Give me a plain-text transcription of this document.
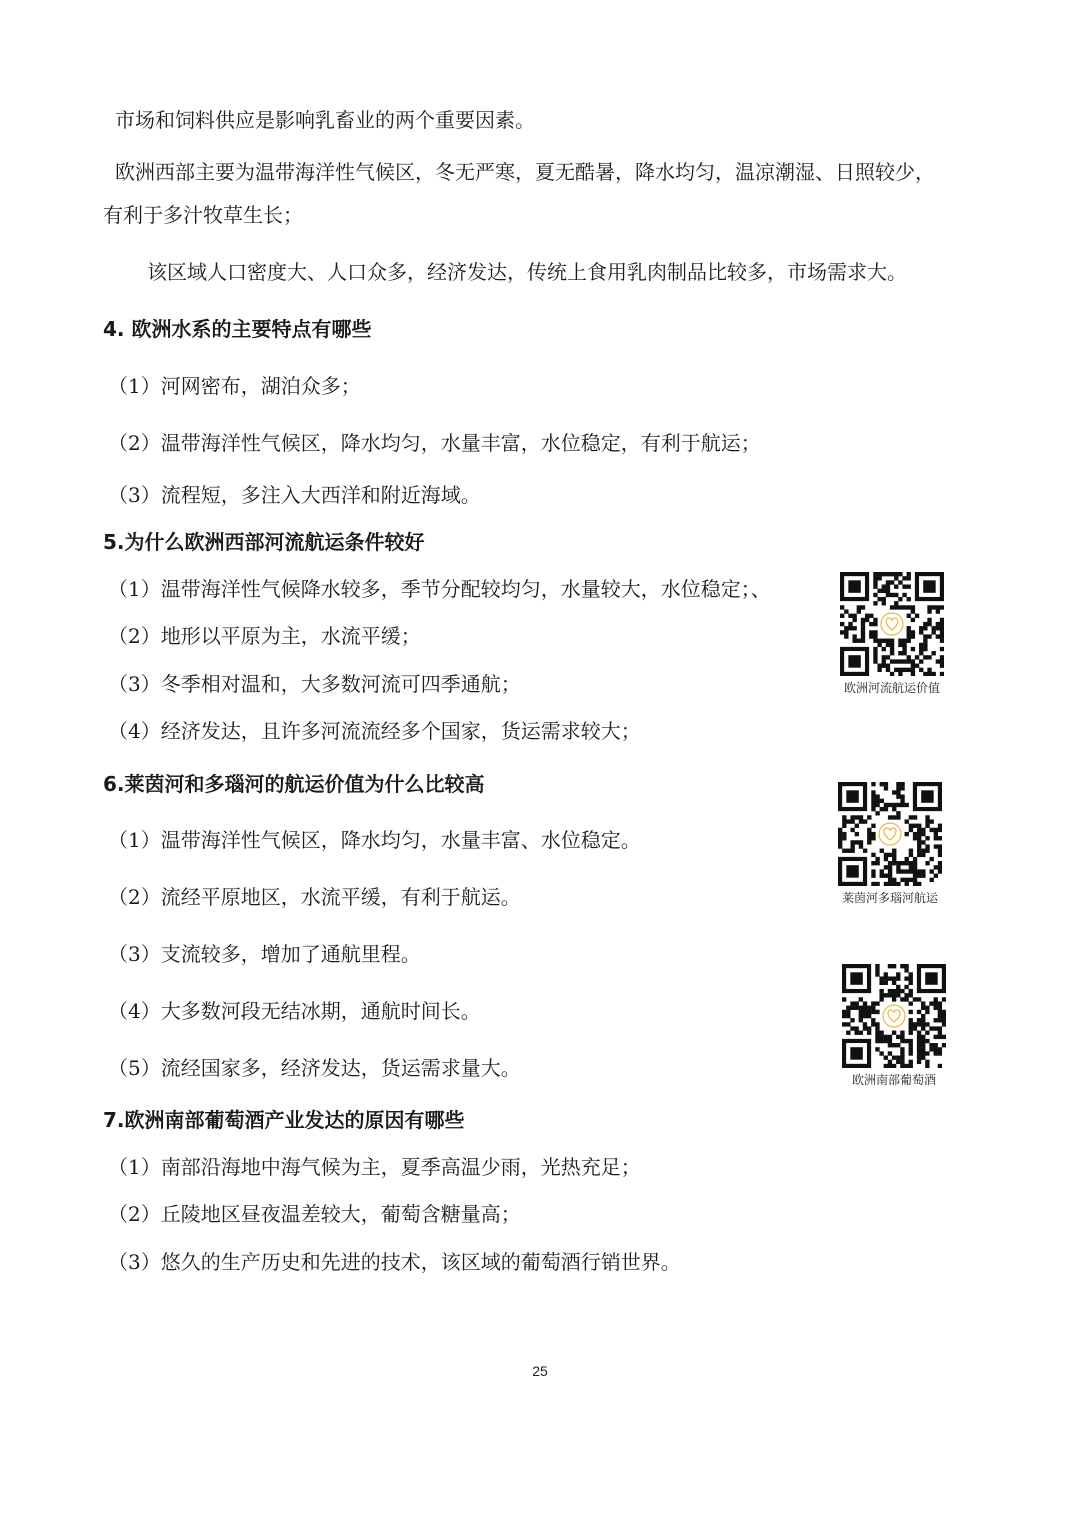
市场和饲料供应是影响乳畜业的两个重要因素。
欧洲西部主要为温带海洋性气候区，冬无严寒，夏无酷暑，降水均匀，温凉潮湿、日照较少，
有利于多汁牧草生长；
该区域人口密度大、人口众多，经济发达，传统上食用乳肉制品比较多，市场需求大。
4. 欧洲水系的主要特点有哪些
（1）河网密布，湖泊众多；
（2）温带海洋性气候区，降水均匀，水量丰富，水位稳定，有利于航运；
（3）流程短，多注入大西洋和附近海域。
5.为什么欧洲西部河流航运条件较好
（1）温带海洋性气候降水较多，季节分配较均匀，水量较大，水位稳定；、
（2）地形以平原为主，水流平缓；
（3）冬季相对温和，大多数河流可四季通航；
（4）经济发达，且许多河流流经多个国家，货运需求较大；
6.莱茵河和多瑙河的航运价值为什么比较高
（1）温带海洋性气候区，降水均匀，水量丰富、水位稳定。
（2）流经平原地区，水流平缓，有利于航运。
（3）支流较多，增加了通航里程。
（4）大多数河段无结冰期，通航时间长。
（5）流经国家多，经济发达，货运需求量大。
7.欧洲南部葡萄酒产业发达的原因有哪些
（1）南部沿海地中海气候为主，夏季高温少雨，光热充足；
（2）丘陵地区昼夜温差较大，葡萄含糖量高；
（3）悠久的生产历史和先进的技术，该区域的葡萄酒行销世界。
欧洲河流航运价值
莱茵河多瑙河航运
欧洲南部葡萄酒
25
